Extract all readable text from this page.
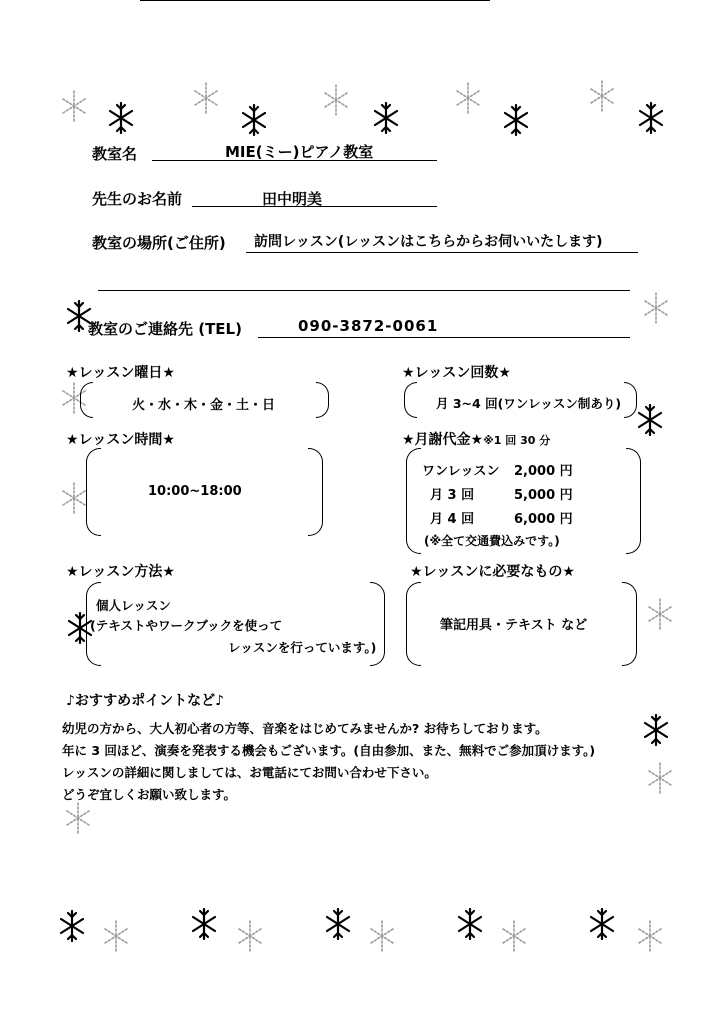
教室名	MIE(ミー)ピアノ教室
先生のお名前	田中明美
教室の場所(ご住所) 訪問レッスン(レッスンはこちらからお伺いいたします)
教室のご連絡先 (TEL)	090-3872-0061
★レッスン曜日★
火・水・木・金・土・日
★レッスン回数★
月 3~4 回(ワンレッスン制あり)
★レッスン時間★
10:00~18:00
★月謝代金★※1 回 30 分
ワンレッスン	2,000 円
月 3 回	5,000 円
月 4 回	6,000 円
(※全て交通費込みです。)
★レッスン方法★
個人レッスン
(テキストやワークブックを使って
レッスンを行っています。)
★レッスンに必要なもの★
筆記用具・テキスト など
♪おすすめポイントなど♪
幼児の方から、大人初心者の方等、音楽をはじめてみませんか? お待ちしております。
年に 3 回ほど、演奏を発表する機会もございます。(自由参加、また、無料でご参加頂けます。)
レッスンの詳細に関しましては、お電話にてお問い合わせ下さい。
どうぞ宜しくお願い致します。
